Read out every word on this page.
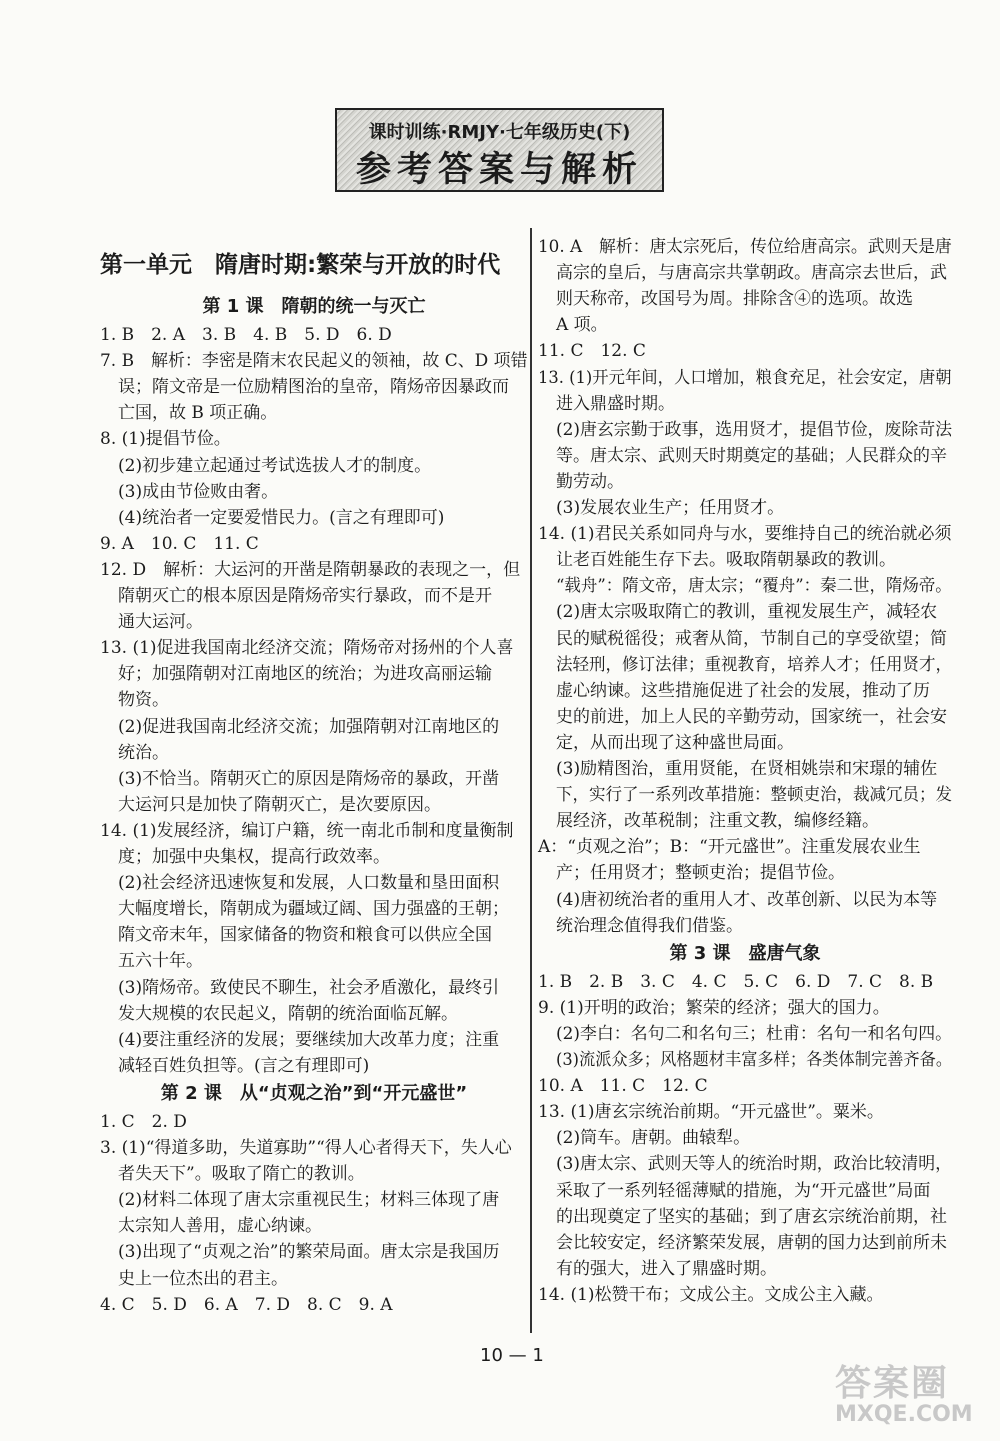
课时训练·RMJY·七年级历史(下)
参考答案与解析
第一单元　隋唐时期:繁荣与开放的时代
第 1 课　隋朝的统一与灭亡
1. B　2. A　3. B　4. B　5. D　6. D
7. B　解析：李密是隋末农民起义的领袖，故 C、D 项错
误；隋文帝是一位励精图治的皇帝，隋炀帝因暴政而
亡国，故 B 项正确。
8. (1)提倡节俭。
(2)初步建立起通过考试选拔人才的制度。
(3)成由节俭败由奢。
(4)统治者一定要爱惜民力。(言之有理即可)
9. A　10. C　11. C
12. D　解析：大运河的开凿是隋朝暴政的表现之一，但
隋朝灭亡的根本原因是隋炀帝实行暴政，而不是开
通大运河。
13. (1)促进我国南北经济交流；隋炀帝对扬州的个人喜
好；加强隋朝对江南地区的统治；为进攻高丽运输
物资。
(2)促进我国南北经济交流；加强隋朝对江南地区的
统治。
(3)不恰当。隋朝灭亡的原因是隋炀帝的暴政，开凿
大运河只是加快了隋朝灭亡，是次要原因。
14. (1)发展经济，编订户籍，统一南北币制和度量衡制
度；加强中央集权，提高行政效率。
(2)社会经济迅速恢复和发展，人口数量和垦田面积
大幅度增长，隋朝成为疆域辽阔、国力强盛的王朝；
隋文帝末年，国家储备的物资和粮食可以供应全国
五六十年。
(3)隋炀帝。致使民不聊生，社会矛盾激化，最终引
发大规模的农民起义，隋朝的统治面临瓦解。
(4)要注重经济的发展；要继续加大改革力度；注重
减轻百姓负担等。(言之有理即可)
第 2 课　从“贞观之治”到“开元盛世”
1. C　2. D
3. (1)“得道多助，失道寡助”“得人心者得天下，失人心
者失天下”。吸取了隋亡的教训。
(2)材料二体现了唐太宗重视民生；材料三体现了唐
太宗知人善用，虚心纳谏。
(3)出现了“贞观之治”的繁荣局面。唐太宗是我国历
史上一位杰出的君主。
4. C　5. D　6. A　7. D　8. C　9. A
10. A　解析：唐太宗死后，传位给唐高宗。武则天是唐
高宗的皇后，与唐高宗共掌朝政。唐高宗去世后，武
则天称帝，改国号为周。排除含④的选项。故选
A 项。
11. C　12. C
13. (1)开元年间，人口增加，粮食充足，社会安定，唐朝
进入鼎盛时期。
(2)唐玄宗勤于政事，选用贤才，提倡节俭，废除苛法
等。唐太宗、武则天时期奠定的基础；人民群众的辛
勤劳动。
(3)发展农业生产；任用贤才。
14. (1)君民关系如同舟与水，要维持自己的统治就必须
让老百姓能生存下去。吸取隋朝暴政的教训。
“载舟”：隋文帝，唐太宗；“覆舟”：秦二世，隋炀帝。
(2)唐太宗吸取隋亡的教训，重视发展生产，减轻农
民的赋税徭役；戒奢从简，节制自己的享受欲望；简
法轻刑，修订法律；重视教育，培养人才；任用贤才，
虚心纳谏。这些措施促进了社会的发展，推动了历
史的前进，加上人民的辛勤劳动，国家统一，社会安
定，从而出现了这种盛世局面。
(3)励精图治，重用贤能，在贤相姚崇和宋璟的辅佐
下，实行了一系列改革措施：整顿吏治，裁减冗员；发
展经济，改革税制；注重文教，编修经籍。
A：“贞观之治”；B：“开元盛世”。注重发展农业生
产；任用贤才；整顿吏治；提倡节俭。
(4)唐初统治者的重用人才、改革创新、以民为本等
统治理念值得我们借鉴。
第 3 课　盛唐气象
1. B　2. B　3. C　4. C　5. C　6. D　7. C　8. B
9. (1)开明的政治；繁荣的经济；强大的国力。
(2)李白：名句二和名句三；杜甫：名句一和名句四。
(3)流派众多；风格题材丰富多样；各类体制完善齐备。
10. A　11. C　12. C
13. (1)唐玄宗统治前期。“开元盛世”。粟米。
(2)筒车。唐朝。曲辕犁。
(3)唐太宗、武则天等人的统治时期，政治比较清明，
采取了一系列轻徭薄赋的措施，为“开元盛世”局面
的出现奠定了坚实的基础；到了唐玄宗统治前期，社
会比较安定，经济繁荣发展，唐朝的国力达到前所未
有的强大，进入了鼎盛时期。
14. (1)松赞干布；文成公主。文成公主入藏。
10 — 1
答案圈
MXQE.COM
